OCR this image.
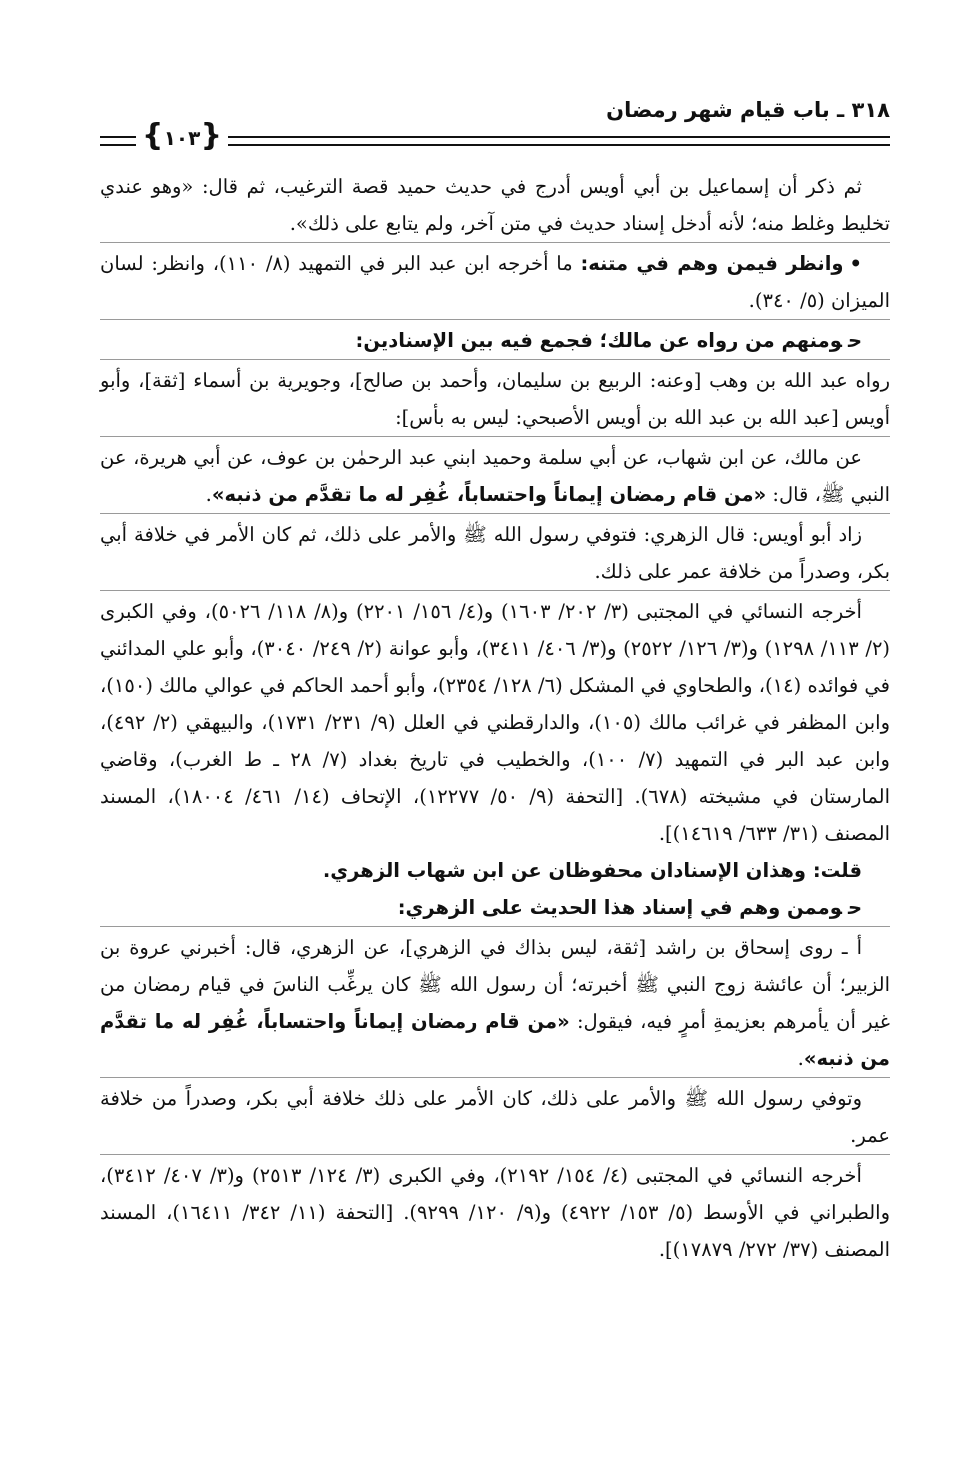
٣١٨ ـ باب قيام شهر رمضان
{
١٠٣
}

ثم ذكر أن إسماعيل بن أبي أويس أدرج في حديث حميد قصة الترغيب، ثم قال: «وهو عندي تخليط وغلط منه؛ لأنه أدخل إسناد حديث في متن آخر، ولم يتابع على ذلك».

•وانظر فيمن وهم في متنه: ما أخرجه ابن عبد البر في التمهيد (٨/ ١١٠)، وانظر: لسان الميزان (٥/ ٣٤٠).

حومنهم من رواه عن مالك؛ فجمع فيه بين الإسنادين:

رواه عبد الله بن وهب [وعنه: الربيع بن سليمان، وأحمد بن صالح]، وجويرية بن أسماء [ثقة]، وأبو أويس [عبد الله بن عبد الله بن أويس الأصبحي: ليس به بأس]:

عن مالك، عن ابن شهاب، عن أبي سلمة وحميد ابني عبد الرحمٰن بن عوف، عن أبي هريرة، عن النبي ﷺ، قال: «من قام رمضان إيماناً واحتساباً، غُفِر له ما تقدَّم من ذنبه».

زاد أبو أويس: قال الزهري: فتوفي رسول الله ﷺ والأمر على ذلك، ثم كان الأمر في خلافة أبي بكر، وصدراً من خلافة عمر على ذلك.

أخرجه النسائي في المجتبى (٣/ ٢٠٢/ ١٦٠٣) و(٤/ ١٥٦/ ٢٢٠١) و(٨/ ١١٨/ ٥٠٢٦)، وفي الكبرى (٢/ ١١٣/ ١٢٩٨) و(٣/ ١٢٦/ ٢٥٢٢) و(٣/ ٤٠٦/ ٣٤١١)، وأبو عوانة (٢/ ٢٤٩/ ٣٠٤٠)، وأبو علي المدائني في فوائده (١٤)، والطحاوي في المشكل (٦/ ١٢٨/ ٢٣٥٤)، وأبو أحمد الحاكم في عوالي مالك (١٥٠)، وابن المظفر في غرائب مالك (١٠٥)، والدارقطني في العلل (٩/ ٢٣١/ ١٧٣١)، والبيهقي (٢/ ٤٩٢)، وابن عبد البر في التمهيد (٧/ ١٠٠)، والخطيب في تاريخ بغداد (٧/ ٢٨ ـ ط الغرب)، وقاضي المارستان في مشيخته (٦٧٨). [التحفة (٩/ ٥٠/ ١٢٢٧٧)، الإتحاف (١٤/ ٤٦١/ ١٨٠٠٤)، المسند المصنف (٣١/ ٦٣٣/ ١٤٦١٩)].

قلت: وهذان الإسنادان محفوظان عن ابن شهاب الزهري.

حوممن وهم في إسناد هذا الحديث على الزهري:

أ ـ روى إسحاق بن راشد [ثقة، ليس بذاك في الزهري]، عن الزهري، قال: أخبرني عروة بن الزبير؛ أن عائشة زوج النبي ﷺ أخبرته؛ أن رسول الله ﷺ كان يرغِّب الناسَ في قيام رمضان من غير أن يأمرهم بعزيمةِ أمرٍ فيه، فيقول: «من قام رمضان إيماناً واحتساباً، غُفِر له ما تقدَّم من ذنبه».

وتوفي رسول الله ﷺ والأمر على ذلك، كان الأمر على ذلك خلافة أبي بكر، وصدراً من خلافة عمر.

أخرجه النسائي في المجتبى (٤/ ١٥٤/ ٢١٩٢)، وفي الكبرى (٣/ ١٢٤/ ٢٥١٣) و(٣/ ٤٠٧/ ٣٤١٢)، والطبراني في الأوسط (٥/ ١٥٣/ ٤٩٢٢) و(٩/ ١٢٠/ ٩٢٩٩). [التحفة (١١/ ٣٤٢/ ١٦٤١١)، المسند المصنف (٣٧/ ٢٧٢/ ١٧٨٧٩)].
